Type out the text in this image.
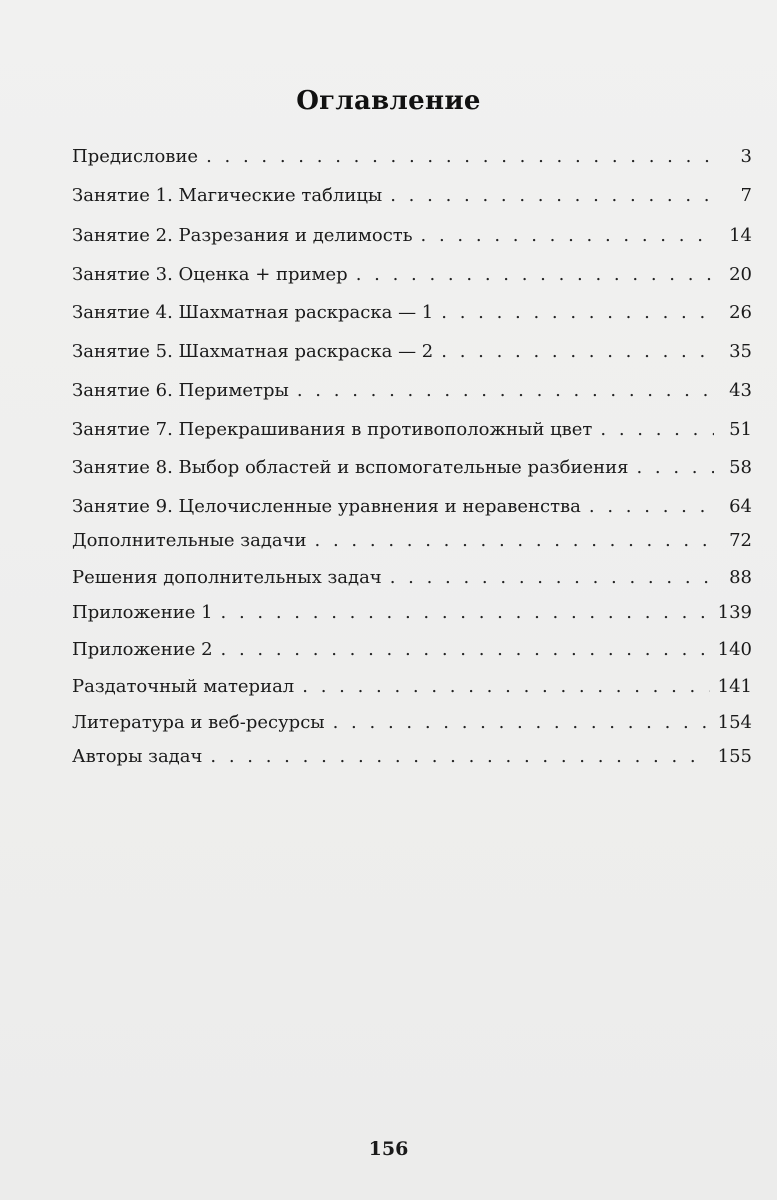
Оглавление
Предисловие . . .	3
Занятие 1. Магические таблицы . . .	7
Занятие 2. Разрезания и делимость . . .	14
Занятие 3. Оценка + пример . . .	20
Занятие 4. Шахматная раскраска — 1 . . .	26
Занятие 5. Шахматная раскраска — 2 . . .	35
Занятие 6. Периметры . . .	43
Занятие 7. Перекрашивания в противоположный цвет . . .	51
Занятие 8. Выбор областей и вспомогательные разбиения . . .	58
Занятие 9. Целочисленные уравнения и неравенства . . .	64
Дополнительные задачи . . .	72
Решения дополнительных задач . . .	88
Приложение 1 . . .	139
Приложение 2 . . .	140
Раздаточный материал . . .	141
Литература и веб-ресурсы . . .	154
Авторы задач . . .	155
156
